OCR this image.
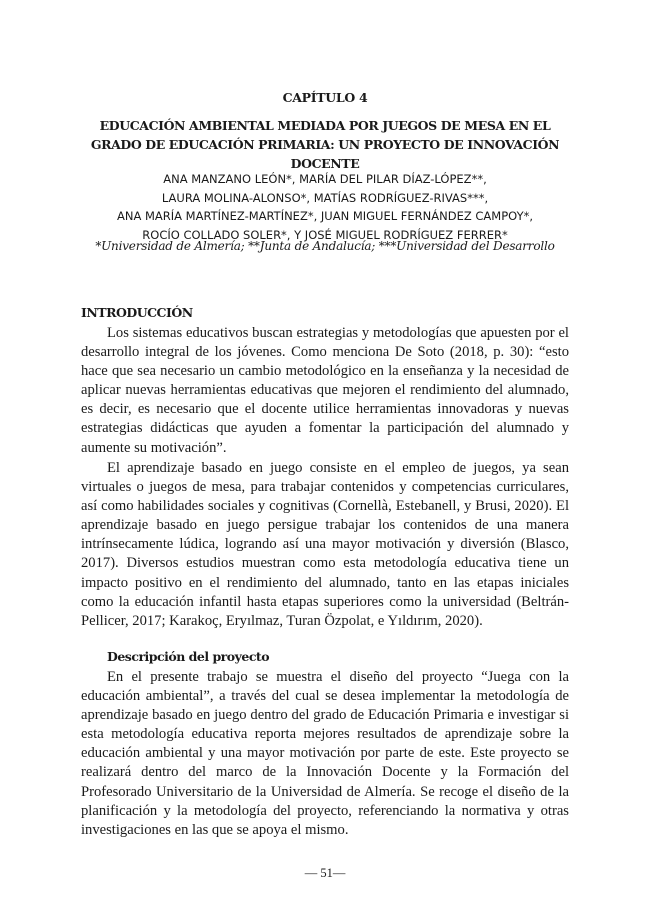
CAPÍTULO 4
EDUCACIÓN AMBIENTAL MEDIADA POR JUEGOS DE MESA EN EL GRADO DE EDUCACIÓN PRIMARIA: UN PROYECTO DE INNOVACIÓN DOCENTE
ANA MANZANO LEÓN*, MARÍA DEL PILAR DÍAZ-LÓPEZ**,
LAURA MOLINA-ALONSO*, MATÍAS RODRÍGUEZ-RIVAS***,
ANA MARÍA MARTÍNEZ-MARTÍNEZ*, JUAN MIGUEL FERNÁNDEZ CAMPOY*,
ROCÍO COLLADO SOLER*, Y JOSÉ MIGUEL RODRÍGUEZ FERRER*
*Universidad de Almería; **Junta de Andalucía; ***Universidad del Desarrollo
INTRODUCCIÓN

Los sistemas educativos buscan estrategias y metodologías que apuesten por el desarrollo integral de los jóvenes. Como menciona De Soto (2018, p. 30): “esto hace que sea necesario un cambio metodológico en la enseñanza y la necesidad de aplicar nuevas herramientas educativas que mejoren el rendimiento del alumnado, es decir, es necesario que el docente utilice herramientas innovadoras y nuevas estrategias didácticas que ayuden a fomentar la participación del alumnado y aumente su motivación”.

El aprendizaje basado en juego consiste en el empleo de juegos, ya sean virtuales o juegos de mesa, para trabajar contenidos y competencias curriculares, así como habilidades sociales y cognitivas (Cornellà, Estebanell, y Brusi, 2020). El aprendizaje basado en juego persigue trabajar los contenidos de una manera intrínsecamente lúdica, logrando así una mayor motivación y diversión (Blasco, 2017). Diversos estudios muestran como esta metodología educativa tiene un impacto positivo en el rendimiento del alumnado, tanto en las etapas iniciales como la educación infantil hasta etapas superiores como la universidad (Beltrán-Pellicer, 2017; Karakoç, Eryılmaz, Turan Özpolat, e Yıldırım, 2020).

Descripción del proyecto

En el presente trabajo se muestra el diseño del proyecto “Juega con la educación ambiental”, a través del cual se desea implementar la metodología de aprendizaje basado en juego dentro del grado de Educación Primaria e investigar si esta metodología educativa reporta mejores resultados de aprendizaje sobre la educación ambiental y una mayor motivación por parte de este. Este proyecto se realizará dentro del marco de la Innovación Docente y la Formación del Profesorado Universitario de la Universidad de Almería. Se recoge el diseño de la planificación y la metodología del proyecto, referenciando la normativa y otras investigaciones en las que se apoya el mismo.

— 51—
